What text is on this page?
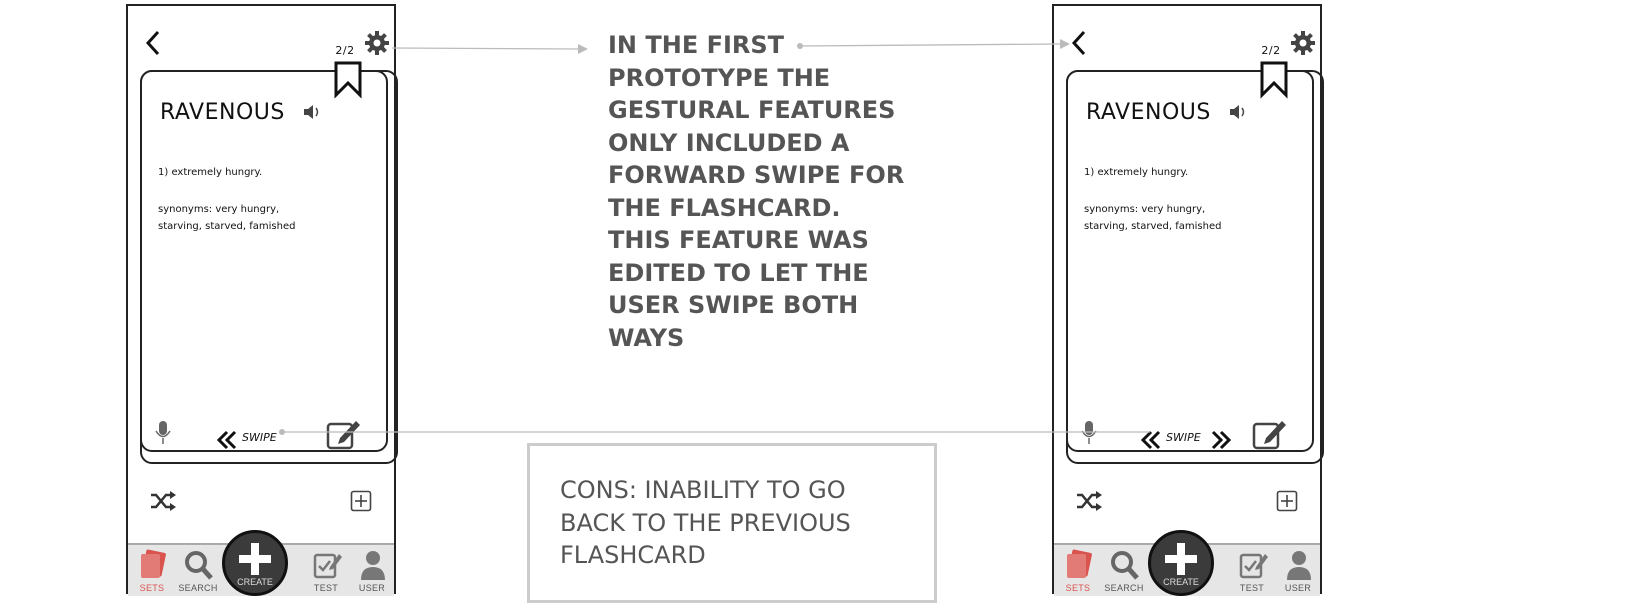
2/2
RAVENOUS
1) extremely hungry.
synonyms: very hungry, starving, starved, famished
SWIPE
SETS	SEARCH	TEST	USER
CREATE
2/2
RAVENOUS
1) extremely hungry.
synonyms: very hungry, starving, starved, famished
SWIPE
SETS	SEARCH	TEST	USER
CREATE
IN THE FIRST PROTOTYPE THE GESTURAL FEATURES ONLY INCLUDED A FORWARD SWIPE FOR THE FLASHCARD. THIS FEATURE WAS EDITED TO LET THE USER SWIPE BOTH WAYS
CONS: INABILITY TO GO BACK TO THE PREVIOUS FLASHCARD
